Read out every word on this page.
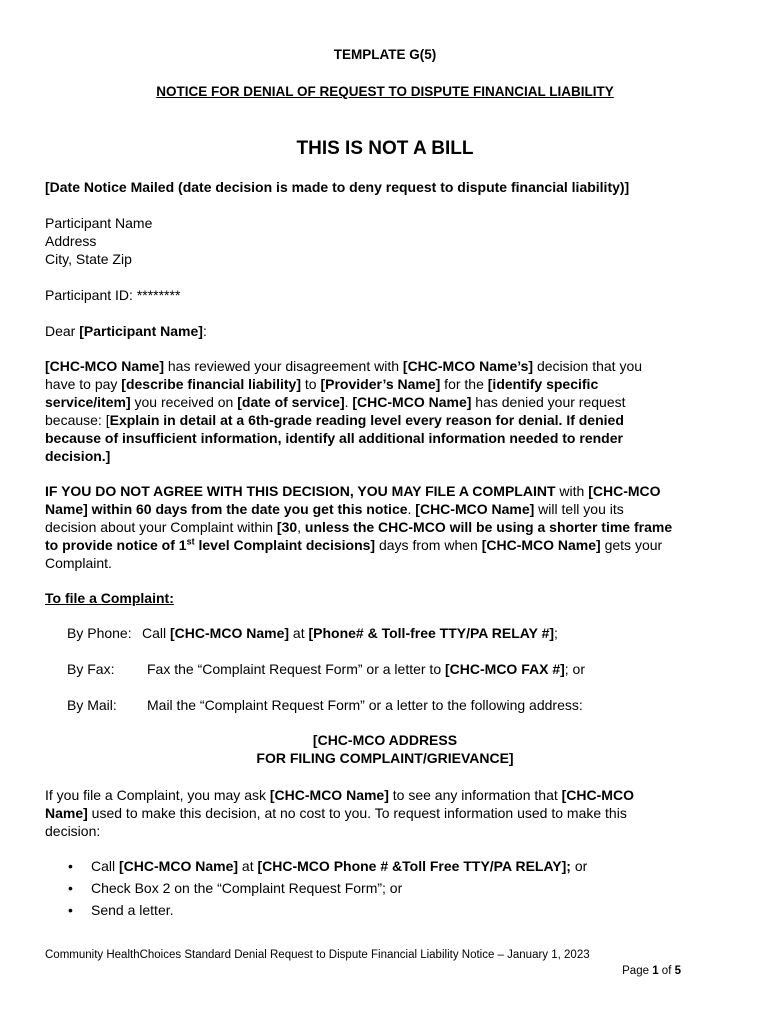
TEMPLATE G(5)

NOTICE FOR DENIAL OF REQUEST TO DISPUTE FINANCIAL LIABILITY

THIS IS NOT A BILL

[Date Notice Mailed (date decision is made to deny request to dispute financial liability)]

Participant Name

Address

City, State Zip

Participant ID: ********

Dear [Participant Name]:

[CHC-MCO Name] has reviewed your disagreement with [CHC-MCO Name’s] decision that you
have to pay [describe financial liability] to [Provider’s Name] for the [identify specific
service/item] you received on [date of service]. [CHC-MCO Name] has denied your request
because: [Explain in detail at a 6th-grade reading level every reason for denial. If denied
because of insufficient information, identify all additional information needed to render
decision.]
IF YOU DO NOT AGREE WITH THIS DECISION, YOU MAY FILE A COMPLAINT with [CHC-MCO
Name] within 60 days from the date you get this notice. [CHC-MCO Name] will tell you its
decision about your Complaint within [30, unless the CHC-MCO will be using a shorter time frame
to provide notice of 1st level Complaint decisions] days from when [CHC-MCO Name] gets your
Complaint.

To file a Complaint:

By Phone: Call [CHC-MCO Name] at [Phone# & Toll-free TTY/PA RELAY #];

By Fax: Fax the “Complaint Request Form” or a letter to [CHC-MCO FAX #]; or

By Mail: Mail the “Complaint Request Form” or a letter to the following address:

[CHC-MCO ADDRESS

FOR FILING COMPLAINT/GRIEVANCE]

If you file a Complaint, you may ask [CHC-MCO Name] to see any information that [CHC-MCO
Name] used to make this decision, at no cost to you. To request information used to make this
decision:

• Call [CHC-MCO Name] at [CHC-MCO Phone # &Toll Free TTY/PA RELAY]; or

• Check Box 2 on the “Complaint Request Form”; or

• Send a letter.

Community HealthChoices Standard Denial Request to Dispute Financial Liability Notice – January 1, 2023

Page 1 of 5
